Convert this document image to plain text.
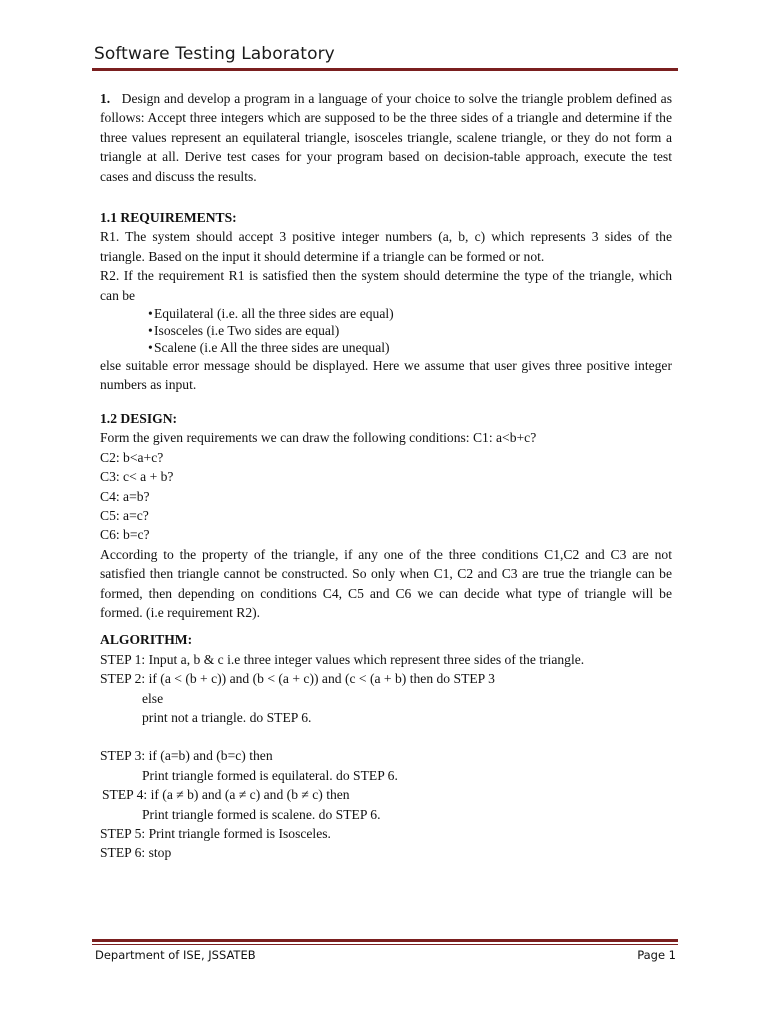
Software Testing Laboratory

1. Design and develop a program in a language of your choice to solve the triangle problem defined as follows: Accept three integers which are supposed to be the three sides of a triangle and determine if the three values represent an equilateral triangle, isosceles triangle, scalene triangle, or they do not form a triangle at all. Derive test cases for your program based on decision-table approach, execute the test cases and discuss the results.

1.1 REQUIREMENTS:

R1. The system should accept 3 positive integer numbers (a, b, c) which represents 3 sides of the triangle. Based on the input it should determine if a triangle can be formed or not.

R2. If the requirement R1 is satisfied then the system should determine the type of the triangle, which can be

•Equilateral (i.e. all the three sides are equal)

•Isosceles (i.e Two sides are equal)

•Scalene (i.e All the three sides are unequal)

else suitable error message should be displayed. Here we assume that user gives three positive integer numbers as input.

1.2 DESIGN:

Form the given requirements we can draw the following conditions: C1: a<b+c?

C2: b<a+c?

C3: c< a + b?

C4: a=b?

C5: a=c?

C6: b=c?

According to the property of the triangle, if any one of the three conditions C1,C2 and C3 are not satisfied then triangle cannot be constructed. So only when C1, C2 and C3 are true the triangle can be formed, then depending on conditions C4, C5 and C6 we can decide what type of triangle will be formed. (i.e requirement R2).

ALGORITHM:

STEP 1: Input a, b & c i.e three integer values which represent three sides of the triangle.

STEP 2: if (a < (b + c)) and (b < (a + c)) and (c < (a + b) then do STEP 3

else

print not a triangle. do STEP 6.

STEP 3: if (a=b) and (b=c) then

Print triangle formed is equilateral. do STEP 6.

STEP 4: if (a ≠ b) and (a ≠ c) and (b ≠ c) then

Print triangle formed is scalene. do STEP 6.

STEP 5: Print triangle formed is Isosceles.

STEP 6: stop

Department of ISE, JSSATEB	Page 1
